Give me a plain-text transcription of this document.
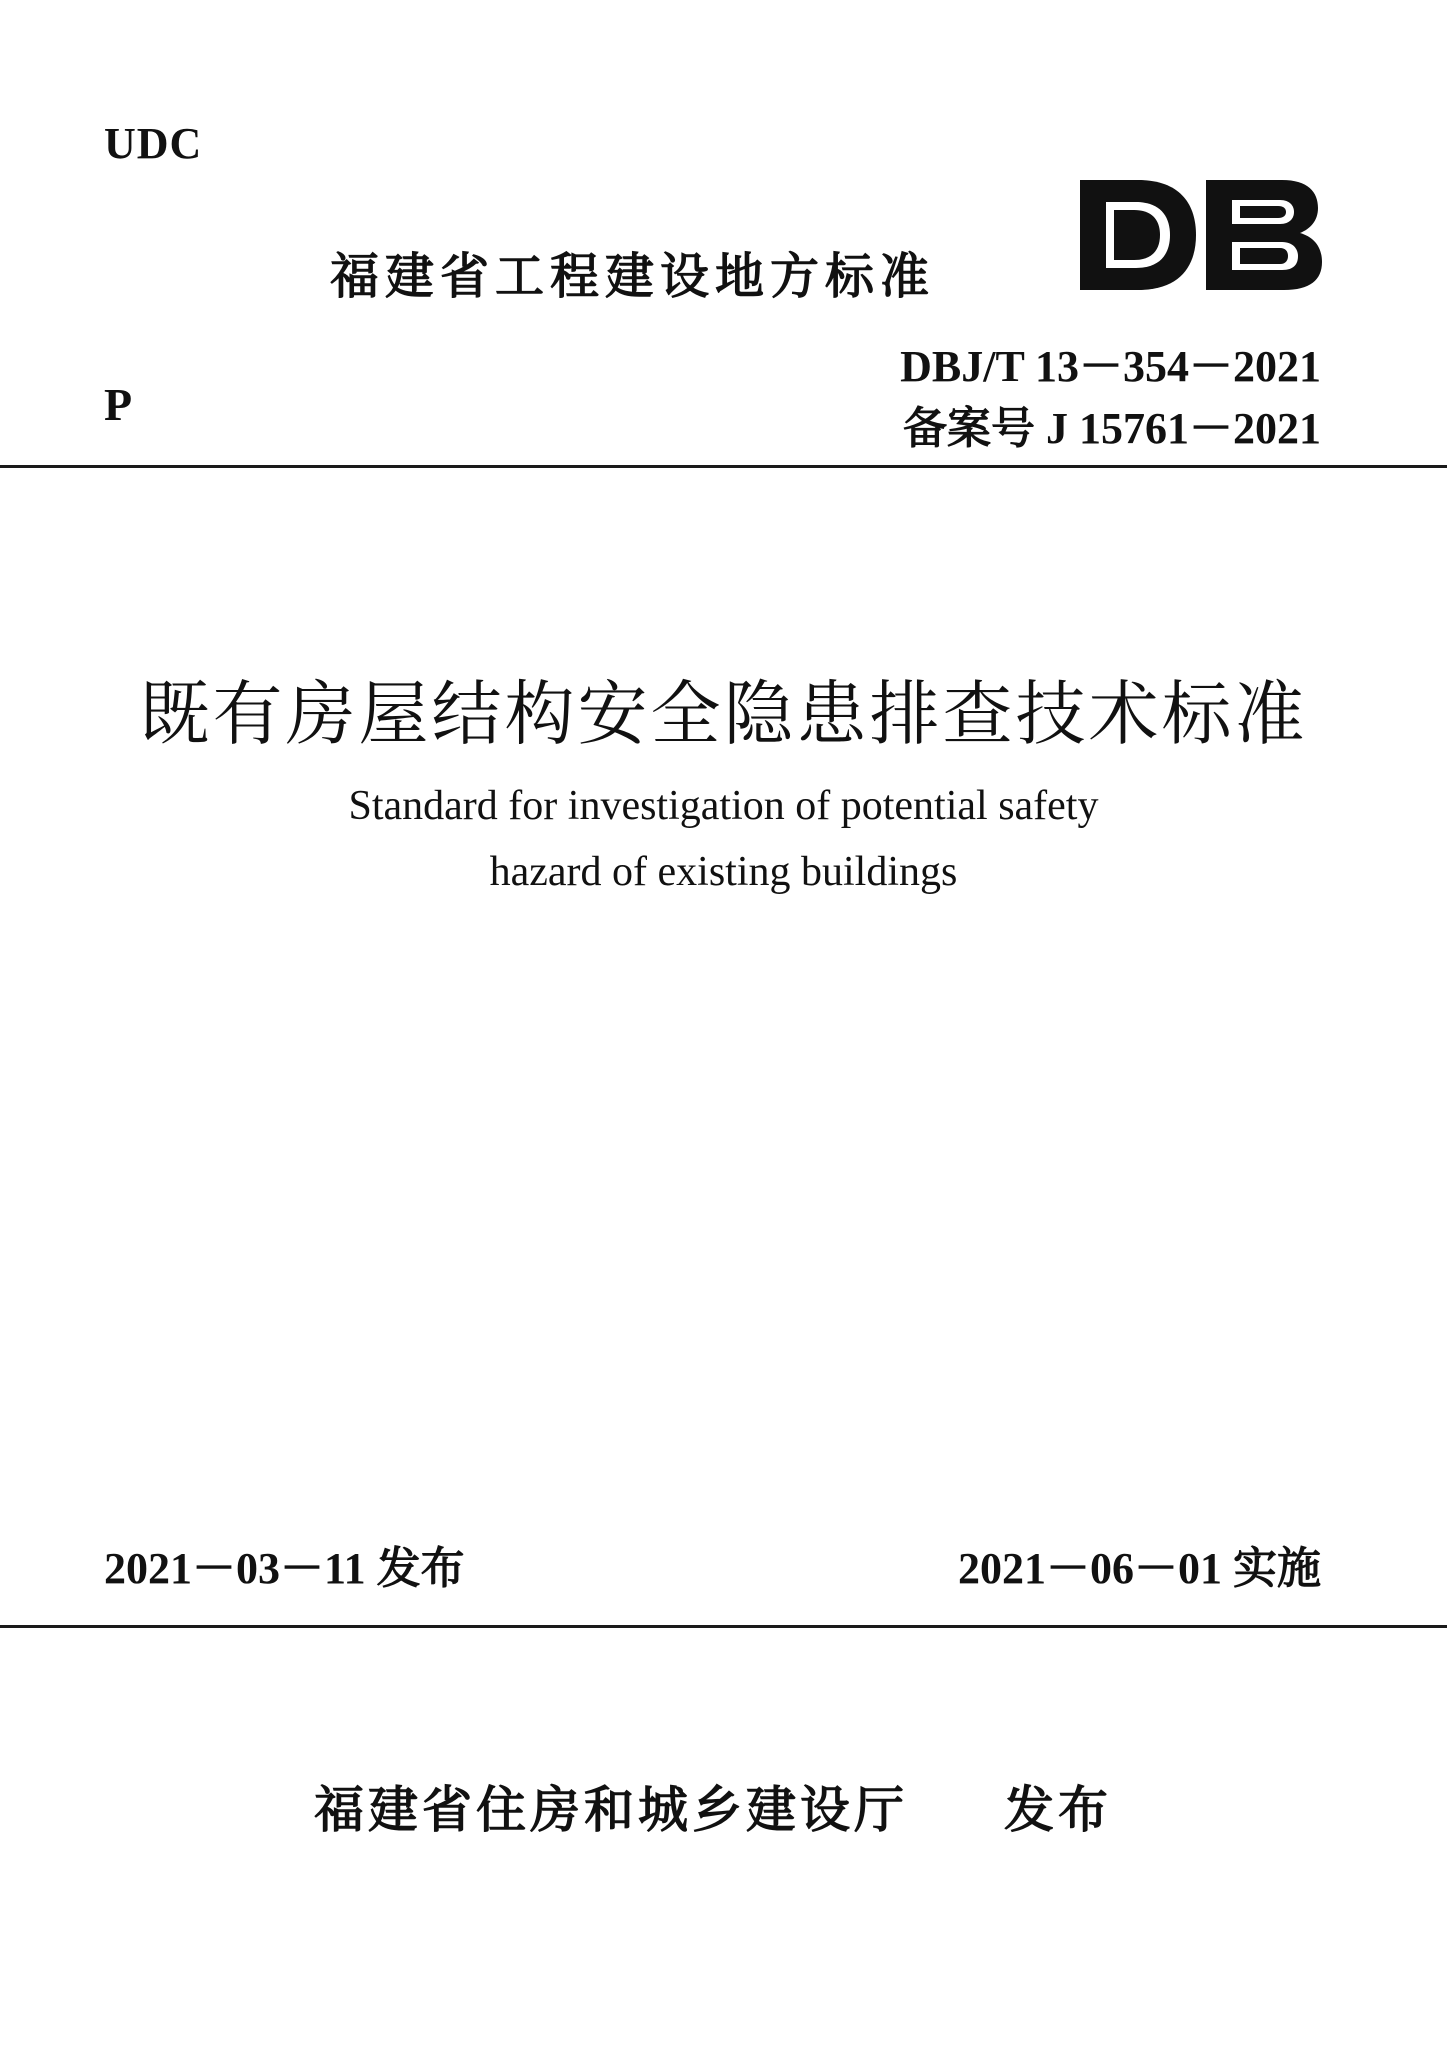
UDC
福建省工程建设地方标准
DBJ/T 13－354－2021
备案号 J 15761－2021
P
既有房屋结构安全隐患排查技术标准
Standard for investigation of potential safety
hazard of existing buildings
2021－03－11 发布	2021－06－01 实施
福建省住房和城乡建设厅 发布
